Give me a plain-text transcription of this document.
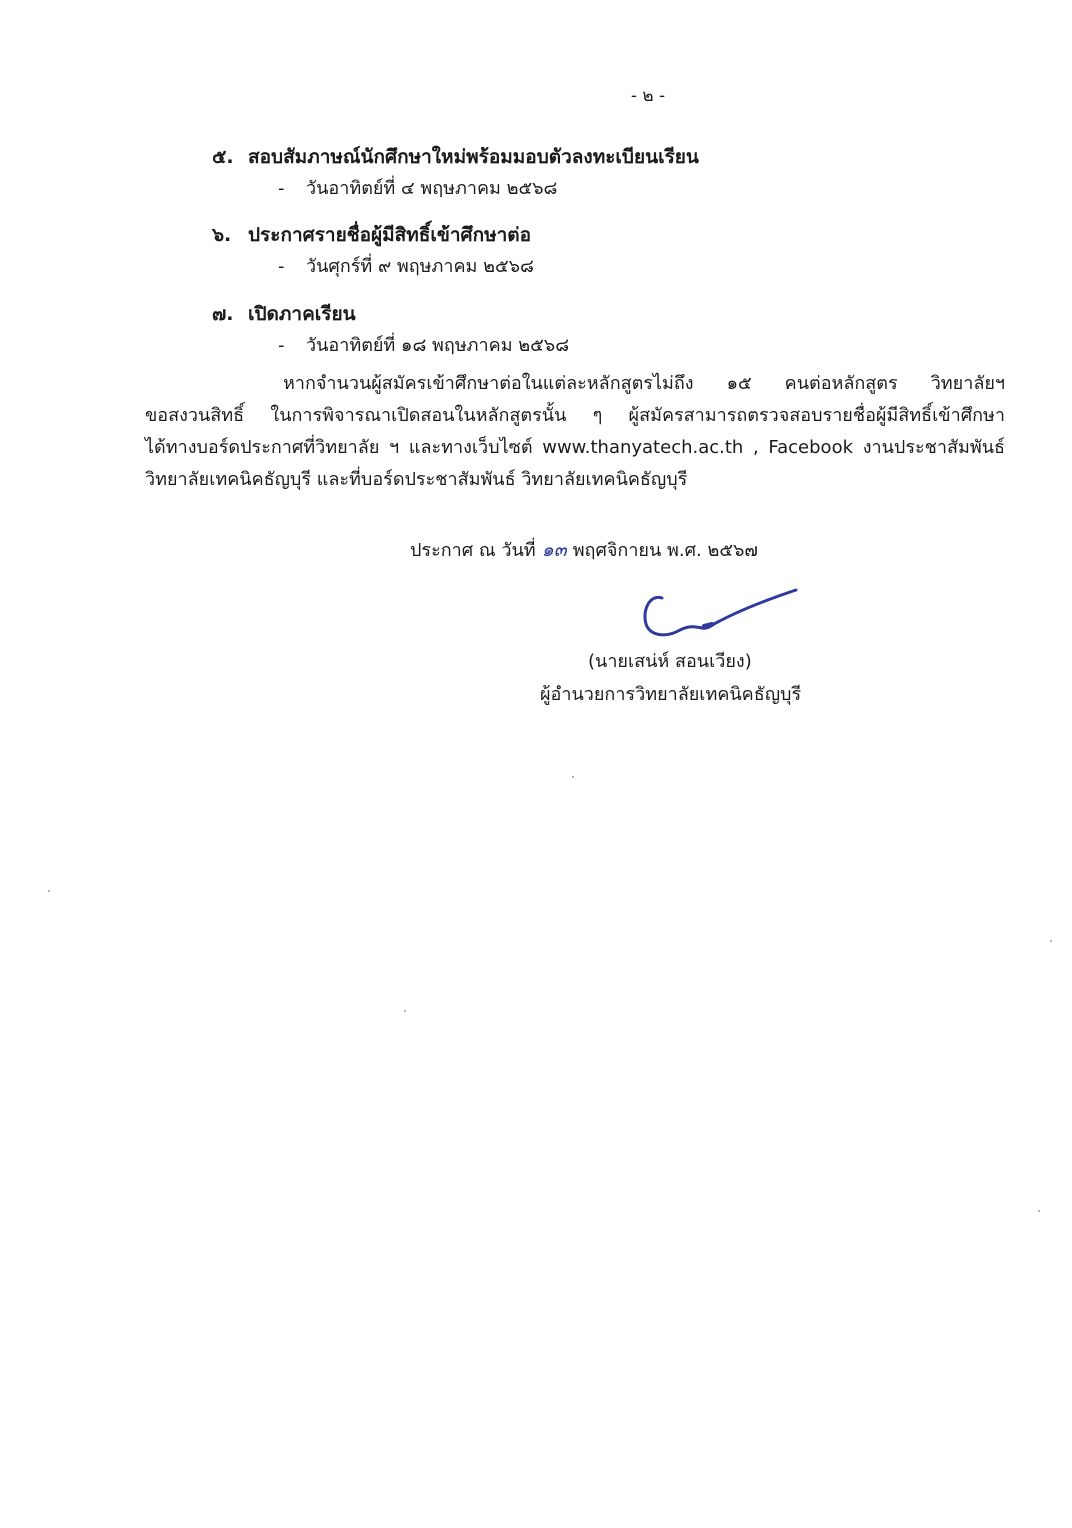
- ๒ -
๕. สอบสัมภาษณ์นักศึกษาใหม่พร้อมมอบตัวลงทะเบียนเรียน
- วันอาทิตย์ที่ ๔ พฤษภาคม ๒๕๖๘
๖. ประกาศรายชื่อผู้มีสิทธิ์เข้าศึกษาต่อ
- วันศุกร์ที่ ๙ พฤษภาคม ๒๕๖๘
๗. เปิดภาคเรียน
- วันอาทิตย์ที่ ๑๘ พฤษภาคม ๒๕๖๘
หากจำนวนผู้สมัครเข้าศึกษาต่อในแต่ละหลักสูตรไม่ถึง ๑๕ คนต่อหลักสูตร วิทยาลัยฯ
ขอสงวนสิทธิ์ ในการพิจารณาเปิดสอนในหลักสูตรนั้น ๆ ผู้สมัครสามารถตรวจสอบรายชื่อผู้มีสิทธิ์เข้าศึกษา
ได้ทางบอร์ดประกาศที่วิทยาลัย ฯ และทางเว็บไซต์ www.thanyatech.ac.th , Facebook งานประชาสัมพันธ์
วิทยาลัยเทคนิคธัญบุรี และที่บอร์ดประชาสัมพันธ์ วิทยาลัยเทคนิคธัญบุรี
ประกาศ ณ วันที่ ๑๓ พฤศจิกายน พ.ศ. ๒๕๖๗
(นายเสน่ห์ สอนเวียง)
ผู้อำนวยการวิทยาลัยเทคนิคธัญบุรี
